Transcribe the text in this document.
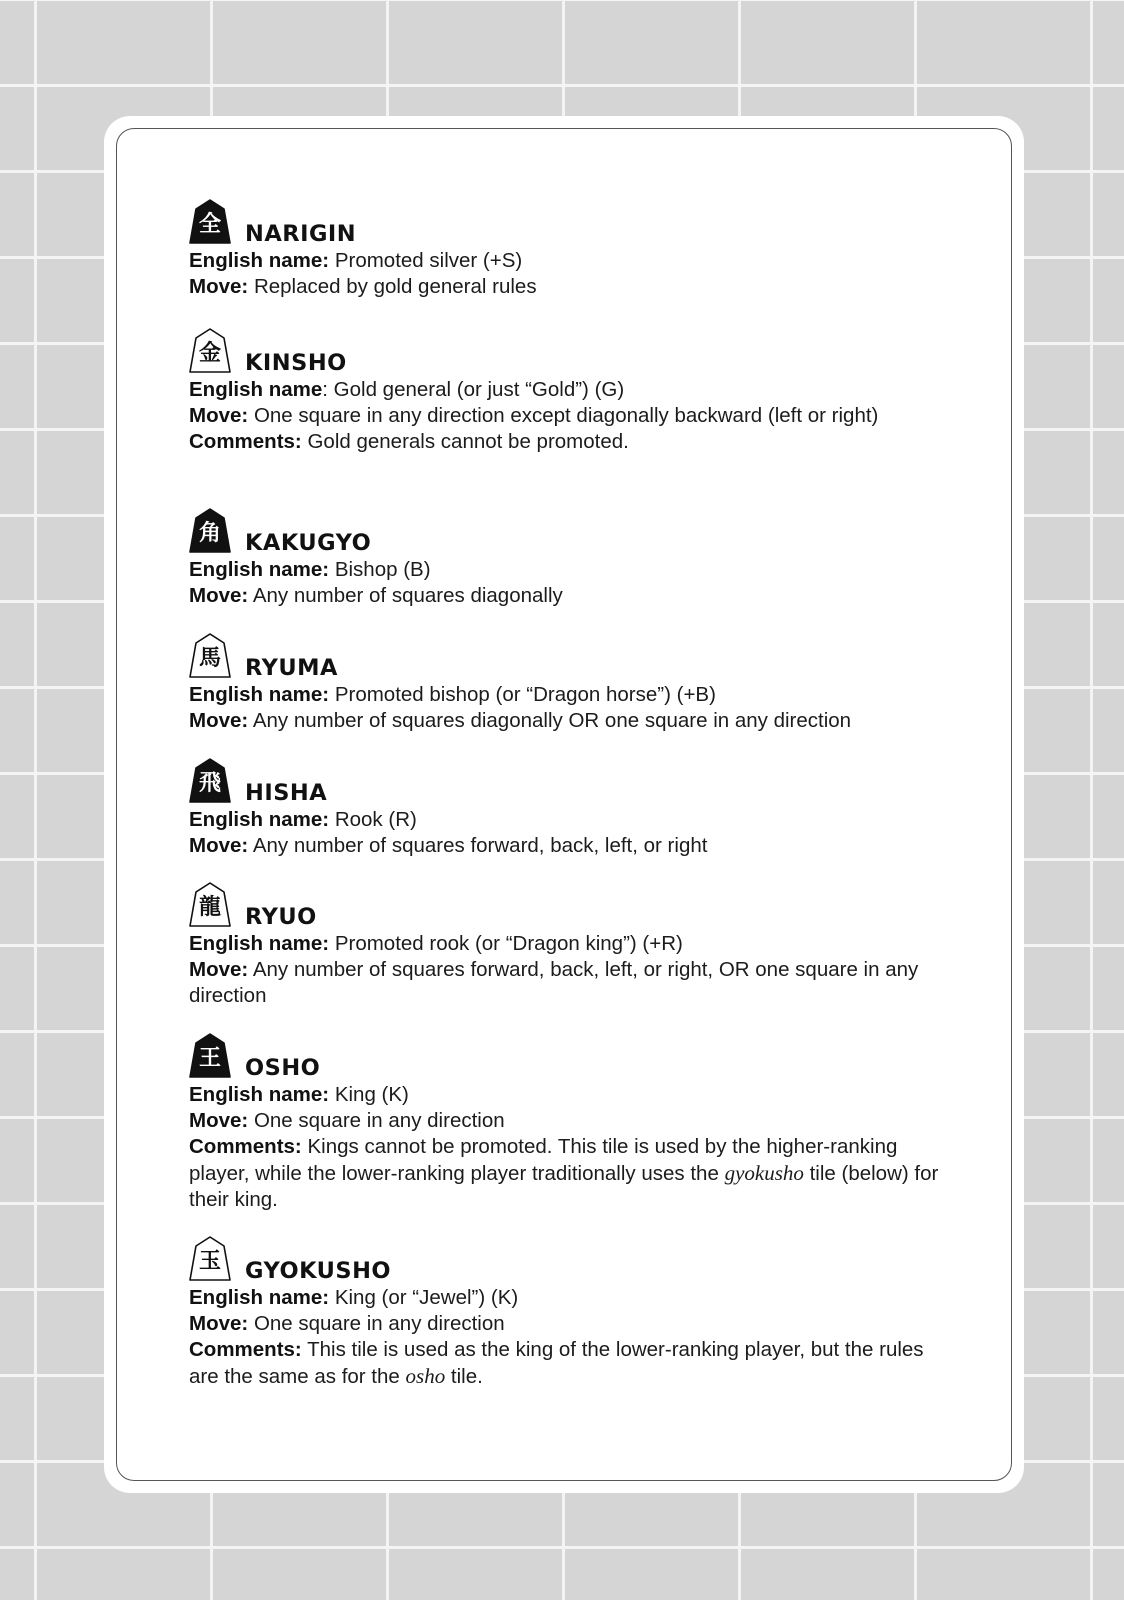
全	NARIGIN
English name: Promoted silver (+S)
Move: Replaced by gold general rules
金	KINSHO
English name: Gold general (or just “Gold”) (G)
Move: One square in any direction except diagonally backward (left or right)
Comments: Gold generals cannot be promoted.
角	KAKUGYO
English name: Bishop (B)
Move: Any number of squares diagonally
馬	RYUMA
English name: Promoted bishop (or “Dragon horse”) (+B)
Move: Any number of squares diagonally OR one square in any direction
飛	HISHA
English name: Rook (R)
Move: Any number of squares forward, back, left, or right
龍	RYUO
English name: Promoted rook (or “Dragon king”) (+R)
Move: Any number of squares forward, back, left, or right, OR one square in any direction
王	OSHO
English name: King (K)
Move: One square in any direction
Comments: Kings cannot be promoted. This tile is used by the higher-ranking player, while the lower-ranking player traditionally uses the gyokusho tile (below) for their king.
玉	GYOKUSHO
English name: King (or “Jewel”) (K)
Move: One square in any direction
Comments: This tile is used as the king of the lower-ranking player, but the rules are the same as for the osho tile.
